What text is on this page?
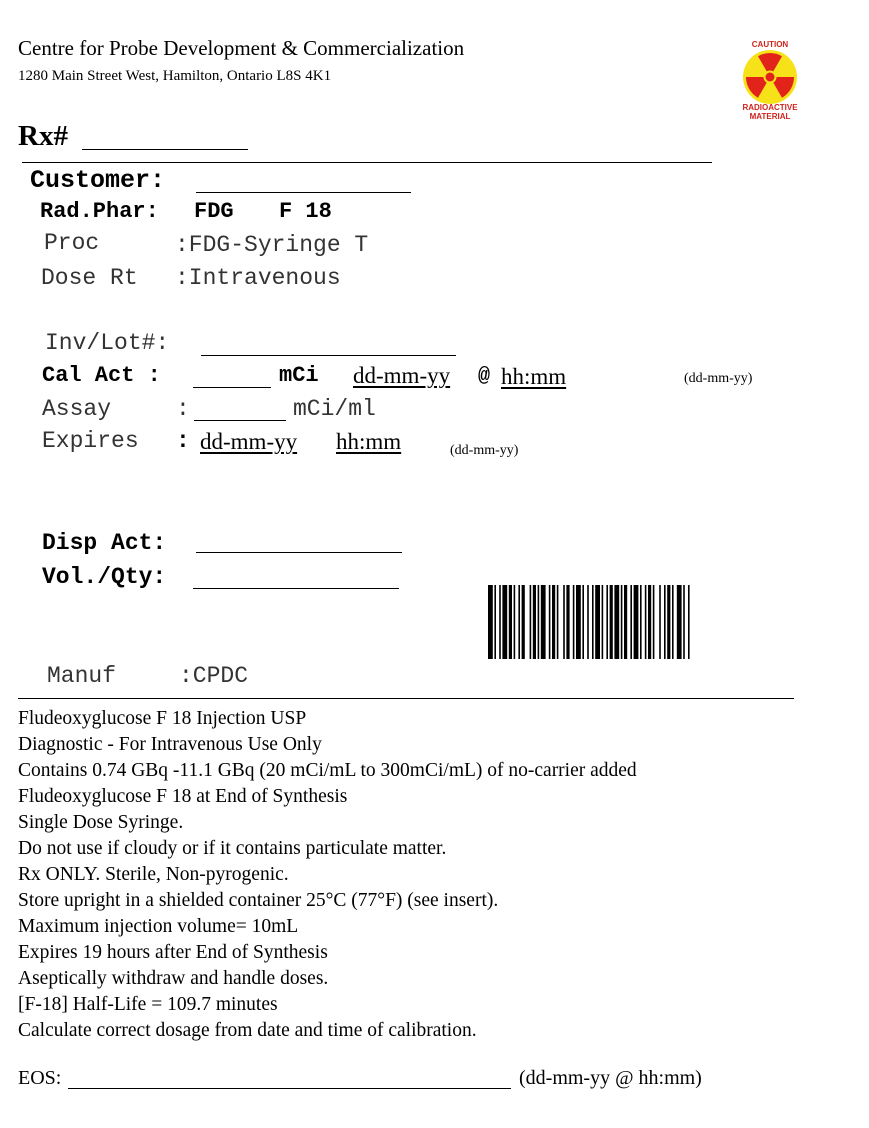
Centre for Probe Development & Commercialization
1280 Main Street West, Hamilton, Ontario L8S 4K1
CAUTION
RADIOACTIVE
MATERIAL
Rx#
Customer:
Rad.Phar: FDG F 18
Proc	:FDG-Syringe T
Dose Rt :Intravenous
Inv/Lot#:
Cal Act :	mCi dd-mm-yy @ hh:mm	(dd-mm-yy)
Assay	:	mCi/ml
Expires : dd-mm-yy hh:mm	(dd-mm-yy)
Disp Act:
Vol./Qty:
Manuf	:CPDC
Fludeoxyglucose F 18 Injection USP
Diagnostic - For Intravenous Use Only
Contains 0.74 GBq -11.1 GBq (20 mCi/mL to 300mCi/mL) of no-carrier added
Fludeoxyglucose F 18 at End of Synthesis
Single Dose Syringe.
Do not use if cloudy or if it contains particulate matter.
Rx ONLY. Sterile, Non-pyrogenic.
Store upright in a shielded container 25°C (77°F) (see insert).
Maximum injection volume= 10mL
Expires 19 hours after End of Synthesis
Aseptically withdraw and handle doses.
[F-18] Half-Life = 109.7 minutes
Calculate correct dosage from date and time of calibration.
EOS:	(dd-mm-yy @ hh:mm)
